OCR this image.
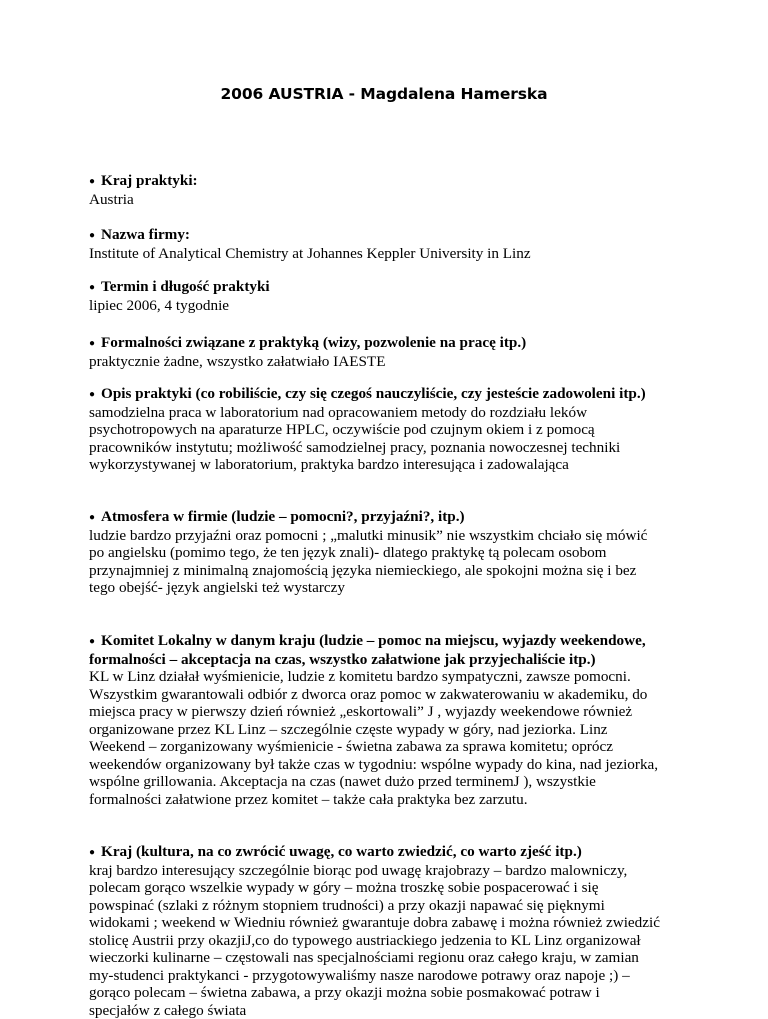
2006 AUSTRIA - Magdalena Hamerska
● Kraj praktyki:
Austria
● Nazwa firmy:
Institute of Analytical Chemistry at Johannes Keppler University in Linz
● Termin i długość praktyki
lipiec 2006, 4 tygodnie
● Formalności związane z praktyką (wizy, pozwolenie na pracę itp.)
praktycznie żadne, wszystko załatwiało IAESTE
● Opis praktyki (co robiliście, czy się czegoś nauczyliście, czy jesteście zadowoleni itp.)
samodzielna praca w laboratorium nad opracowaniem metody do rozdziału leków
psychotropowych na aparaturze HPLC, oczywiście pod czujnym okiem i z pomocą
pracowników instytutu; możliwość samodzielnej pracy, poznania nowoczesnej techniki
wykorzystywanej w laboratorium, praktyka bardzo interesująca i zadowalająca
● Atmosfera w firmie (ludzie – pomocni?, przyjaźni?, itp.)
ludzie bardzo przyjaźni oraz pomocni ; „malutki minusik” nie wszystkim chciało się mówić
po angielsku (pomimo tego, że ten język znali)- dlatego praktykę tą polecam osobom
przynajmniej z minimalną znajomością języka niemieckiego, ale spokojni można się i bez
tego obejść- język angielski też wystarczy
● Komitet Lokalny w danym kraju (ludzie – pomoc na miejscu, wyjazdy weekendowe,
formalności – akceptacja na czas, wszystko załatwione jak przyjechaliście itp.)
KL w Linz działał wyśmienicie, ludzie z komitetu bardzo sympatyczni, zawsze pomocni.
Wszystkim gwarantowali odbiór z dworca oraz pomoc w zakwaterowaniu w akademiku, do
miejsca pracy w pierwszy dzień również „eskortowali” J , wyjazdy weekendowe również
organizowane przez KL Linz – szczególnie częste wypady w góry, nad jeziorka. Linz
Weekend – zorganizowany wyśmienicie - świetna zabawa za sprawa komitetu; oprócz
weekendów organizowany był także czas w tygodniu: wspólne wypady do kina, nad jeziorka,
wspólne grillowania. Akceptacja na czas (nawet dużo przed terminemJ ), wszystkie
formalności załatwione przez komitet – także cała praktyka bez zarzutu.
● Kraj (kultura, na co zwrócić uwagę, co warto zwiedzić, co warto zjeść itp.)
kraj bardzo interesujący szczególnie biorąc pod uwagę krajobrazy – bardzo malowniczy,
polecam gorąco wszelkie wypady w góry – można troszkę sobie pospacerować i się
powspinać (szlaki z różnym stopniem trudności) a przy okazji napawać się pięknymi
widokami ; weekend w Wiedniu również gwarantuje dobra zabawę i można również zwiedzić
stolicę Austrii przy okazjiJ,co do typowego austriackiego jedzenia to KL Linz organizował
wieczorki kulinarne – częstowali nas specjalnościami regionu oraz całego kraju, w zamian
my-studenci praktykanci - przygotowywaliśmy nasze narodowe potrawy oraz napoje ;) –
gorąco polecam – świetna zabawa, a przy okazji można sobie posmakować potraw i
specjałów z całego świata
